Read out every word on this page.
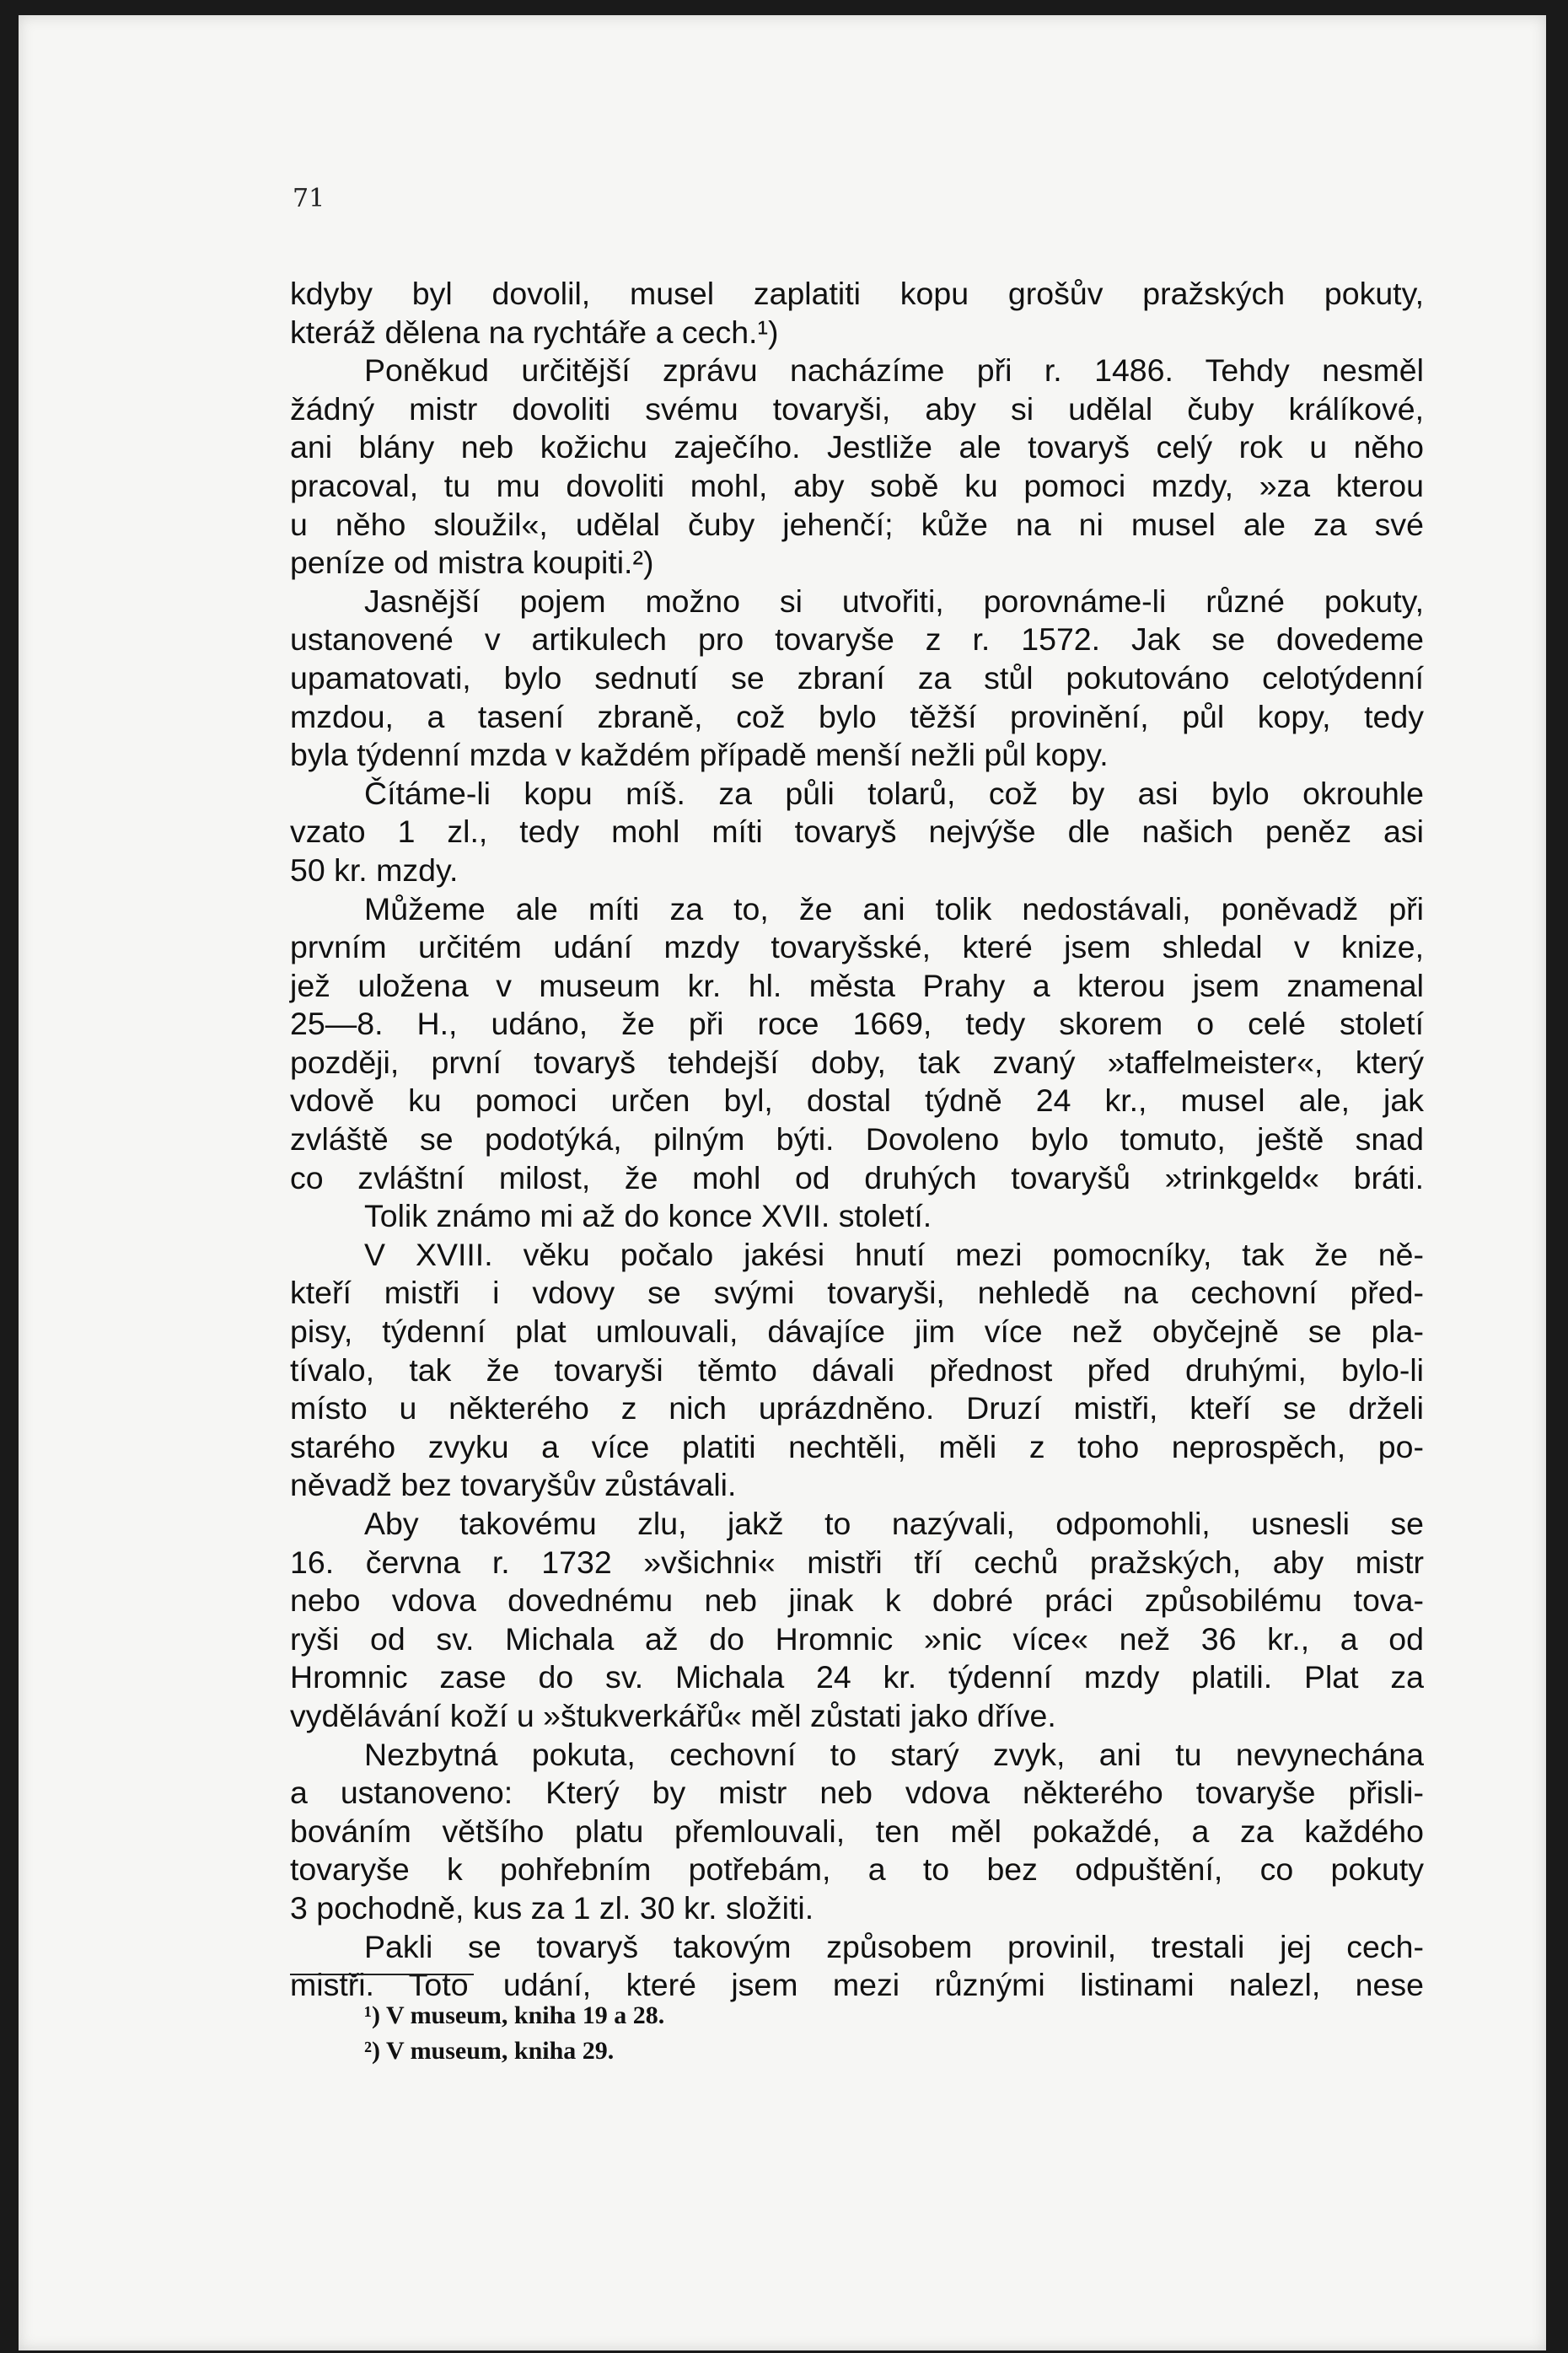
71
kdyby byl dovolil, musel zaplatiti kopu grošův pražských pokuty,
kteráž dělena na rychtáře a cech.¹)
Poněkud určitější zprávu nacházíme při r. 1486. Tehdy nesměl
žádný mistr dovoliti svému tovaryši, aby si udělal čuby králíkové,
ani blány neb kožichu zaječího. Jestliže ale tovaryš celý rok u něho
pracoval, tu mu dovoliti mohl, aby sobě ku pomoci mzdy, »za kterou
u něho sloužil«, udělal čuby jehenčí; kůže na ni musel ale za své
peníze od mistra koupiti.²)
Jasnější pojem možno si utvořiti, porovnáme-li různé pokuty,
ustanovené v artikulech pro tovaryše z r. 1572. Jak se dovedeme
upamatovati, bylo sednutí se zbraní za stůl pokutováno celotýdenní
mzdou, a tasení zbraně, což bylo těžší provinění, půl kopy, tedy
byla týdenní mzda v každém případě menší nežli půl kopy.
Čítáme-li kopu míš. za půli tolarů, což by asi bylo okrouhle
vzato 1 zl., tedy mohl míti tovaryš nejvýše dle našich peněz asi
50 kr. mzdy.
Můžeme ale míti za to, že ani tolik nedostávali, poněvadž při
prvním určitém udání mzdy tovaryšské, které jsem shledal v knize,
jež uložena v museum kr. hl. města Prahy a kterou jsem znamenal
25—8. H., udáno, že při roce 1669, tedy skorem o celé století
později, první tovaryš tehdejší doby, tak zvaný »taffelmeister«, který
vdově ku pomoci určen byl, dostal týdně 24 kr., musel ale, jak
zvláště se podotýká, pilným býti. Dovoleno bylo tomuto, ještě snad
co zvláštní milost, že mohl od druhých tovaryšů »trinkgeld« bráti.
Tolik známo mi až do konce XVII. století.
V XVIII. věku počalo jakési hnutí mezi pomocníky, tak že ně-
kteří mistři i vdovy se svými tovaryši, nehledě na cechovní před-
pisy, týdenní plat umlouvali, dávajíce jim více než obyčejně se pla-
tívalo, tak že tovaryši těmto dávali přednost před druhými, bylo-li
místo u některého z nich uprázdněno. Druzí mistři, kteří se drželi
starého zvyku a více platiti nechtěli, měli z toho neprospěch, po-
něvadž bez tovaryšův zůstávali.
Aby takovému zlu, jakž to nazývali, odpomohli, usnesli se
16. června r. 1732 »všichni« mistři tří cechů pražských, aby mistr
nebo vdova dovednému neb jinak k dobré práci způsobilému tova-
ryši od sv. Michala až do Hromnic »nic více« než 36 kr., a od
Hromnic zase do sv. Michala 24 kr. týdenní mzdy platili. Plat za
vydělávání koží u »štukverkářů« měl zůstati jako dříve.
Nezbytná pokuta, cechovní to starý zvyk, ani tu nevynechána
a ustanoveno: Který by mistr neb vdova některého tovaryše přisli-
bováním většího platu přemlouvali, ten měl pokaždé, a za každého
tovaryše k pohřebním potřebám, a to bez odpuštění, co pokuty
3 pochodně, kus za 1 zl. 30 kr. složiti.
Pakli se tovaryš takovým způsobem provinil, trestali jej cech-
mistři. Toto udání, které jsem mezi různými listinami nalezl, nese
¹) V museum, kniha 19 a 28.
²) V museum, kniha 29.
